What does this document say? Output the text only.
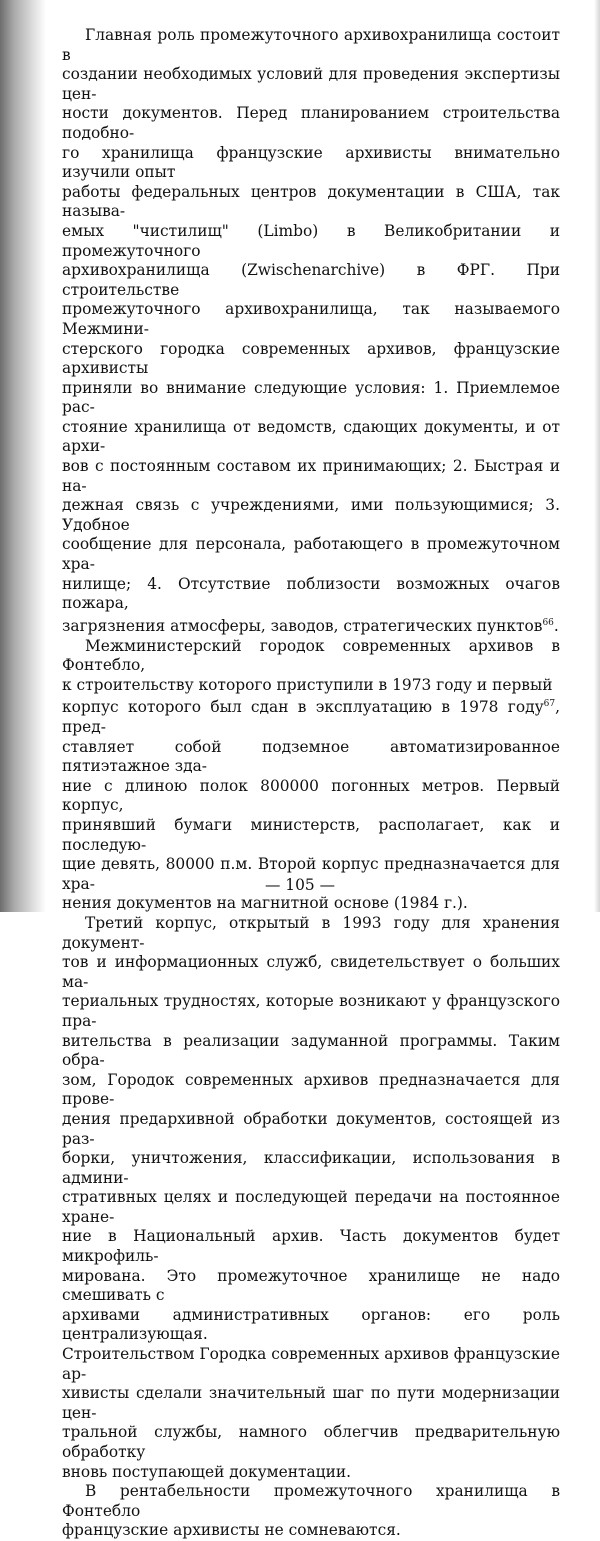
Главная роль промежуточного архивохранилища состоит в
создании необходимых условий для проведения экспертизы цен-
ности документов. Перед планированием строительства подобно-
го хранилища французские архивисты внимательно изучили опыт
работы федеральных центров документации в США, так называ-
емых "чистилищ" (Limbo) в Великобритании и промежуточного
архивохранилища (Zwischenarchive) в ФРГ. При строительстве
промежуточного архивохранилища, так называемого Межмини-
стерского городка современных архивов, французские архивисты
приняли во внимание следующие условия: 1. Приемлемое рас-
стояние хранилища от ведомств, сдающих документы, и от архи-
вов с постоянным составом их принимающих; 2. Быстрая и на-
дежная связь с учреждениями, ими пользующимися; 3. Удобное
сообщение для персонала, работающего в промежуточном хра-
нилище; 4. Отсутствие поблизости возможных очагов пожара,
загрязнения атмосферы, заводов, стратегических пунктов$^{66}$.

Межминистерский городок современных архивов в Фонтебло,
к строительству которого приступили в 1973 году и первый
корпус которого был сдан в эксплуатацию в 1978 году$^{67}$, пред-
ставляет собой подземное автоматизированное пятиэтажное зда-
ние с длиною полок 800000 погонных метров. Первый корпус,
принявший бумаги министерств, располагает, как и последую-
щие девять, 80000 п.м. Второй корпус предназначается для хра-
нения документов на магнитной основе (1984 г.).

Третий корпус, открытый в 1993 году для хранения документ-
тов и информационных служб, свидетельствует о больших ма-
териальных трудностях, которые возникают у французского пра-
вительства в реализации задуманной программы. Таким обра-
зом, Городок современных архивов предназначается для прове-
дения предархивной обработки документов, состоящей из раз-
борки, уничтожения, классификации, использования в админи-
стративных целях и последующей передачи на постоянное хране-
ние в Национальный архив. Часть документов будет микрофиль-
мирована. Это промежуточное хранилище не надо смешивать с
архивами административных органов: его роль централизующая.
Строительством Городка современных архивов французские ар-
хивисты сделали значительный шаг по пути модернизации цен-
тральной службы, намного облегчив предварительную обработку
вновь поступающей документации.

В рентабельности промежуточного хранилища в Фонтебло
французские архивисты не сомневаются.

— 105 —
